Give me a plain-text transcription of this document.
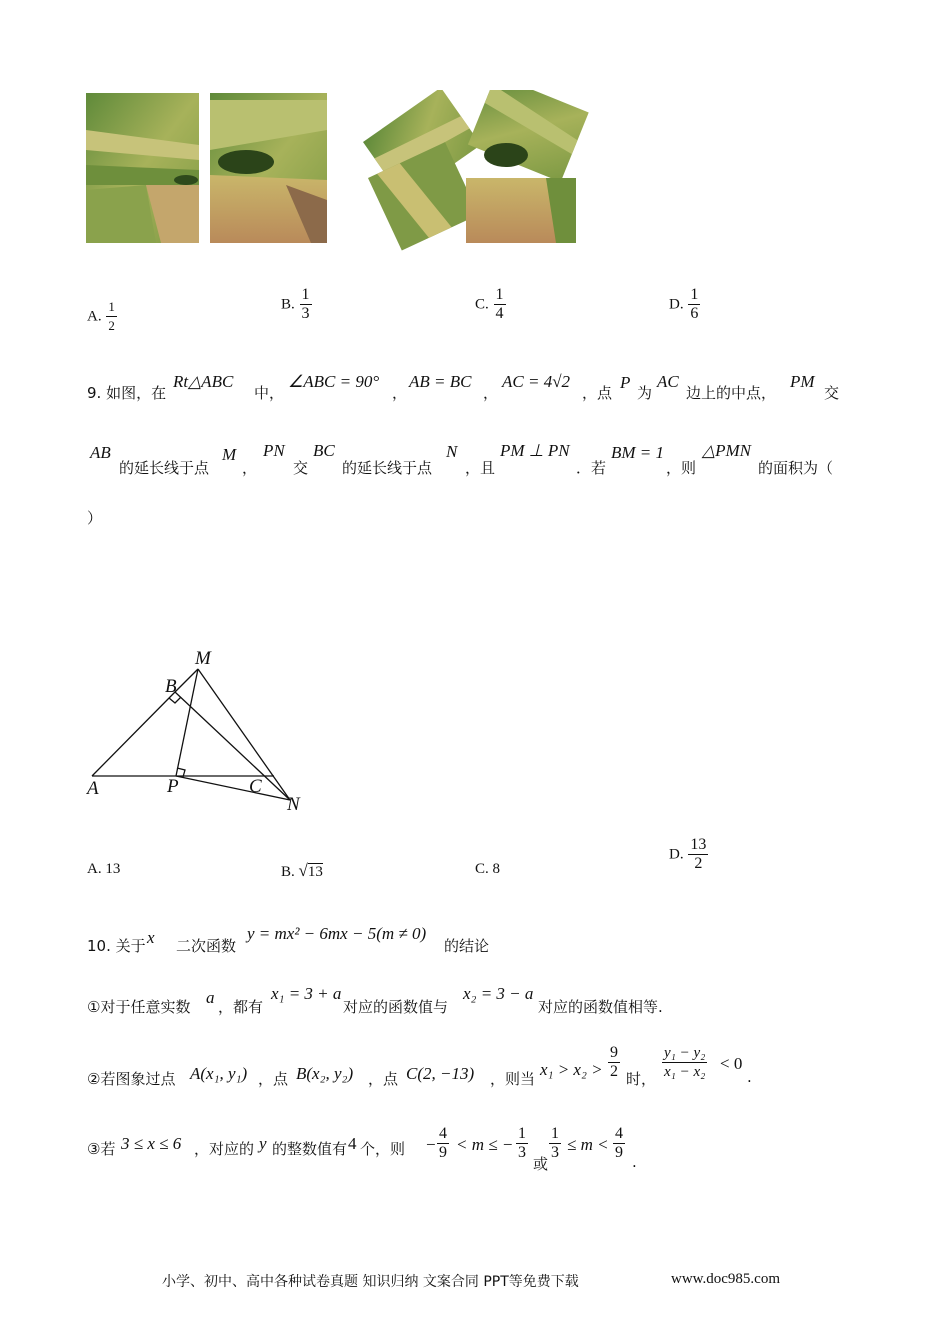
A. $\frac{1}{2}$	B. $\frac{1}{3}$	C. $\frac{1}{4}$	D. $\frac{1}{6}$
9. 如图，在
Rt△ABC
中，
∠ABC = 90°
，
AB = BC
，
AC = 4√2
，点
P
为
AC
边上的中点，
PM
交
AB
的延长线于点
M
，
PN
交
BC
的延长线于点
N
，且
PM ⊥ PN
．若
BM = 1
，则
△PMN
的面积为（
）
M
B
A	P	C
N
A. 13	B. √13	C. 8
D. $\frac{13}{2}$
10. 关于 x 二次函数
y = mx² − 6mx − 5(m ≠ 0)
的结论
①对于任意实数 a ，都有
x₁ = 3 + a
对应的函数值与
x₂ = 3 − a
对应的函数值相等.
②若图象过点 A(x₁, y₁) ，点 B(x₂, y₂) ，点 C(2, −13) ，则当 $x_1 > x_2 > \frac{9}{2}$ 时， $\frac{\text{y₁ − y₂}}{\text{x₁ − x₂}} < 0$
.
③若 3 ≤ x ≤ 6 ，对应的 y 的整数值有 4 个，则 − $\frac{4}{9} < m$ ≤ − $\frac{1}{3}$
或
$\frac{1}{3} \le m < \frac{4}{9}$ .
小学、初中、高中各种试卷真题 知识归纳 文案合同 PPT等免费下载	www.doc985.com
